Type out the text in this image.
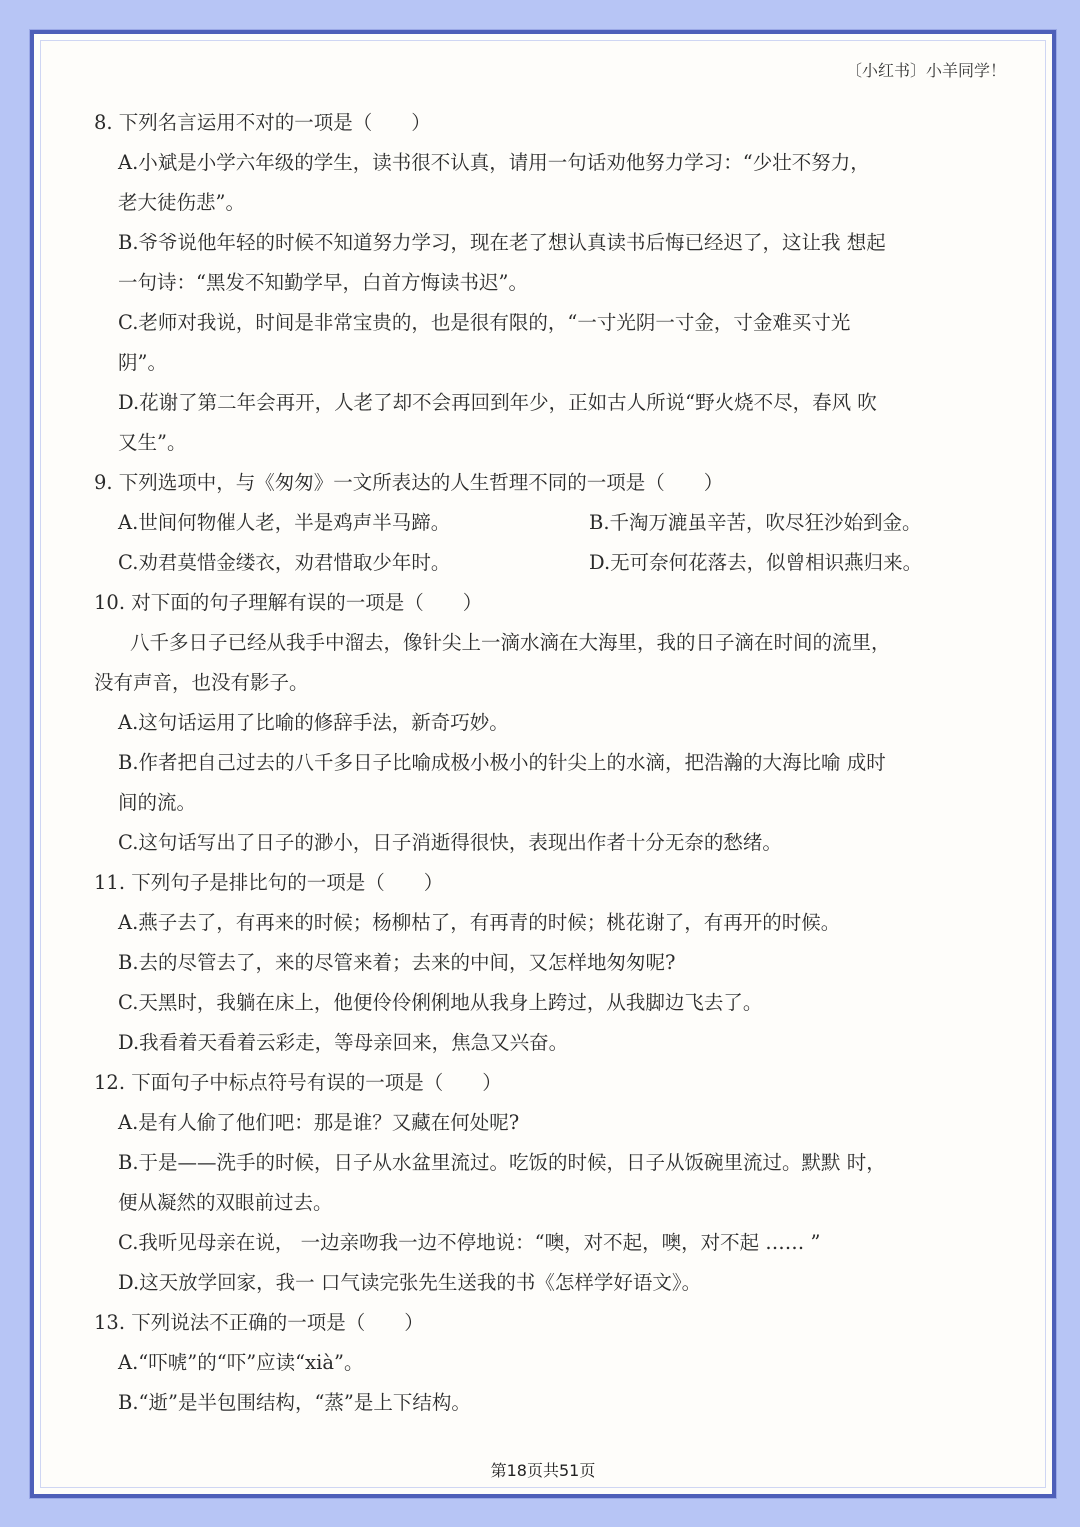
〔小红书〕小羊同学！
8. 下列名言运用不对的一项是（　　）
A.小斌是小学六年级的学生，读书很不认真，请用一句话劝他努力学习：“少壮不努力，
老大徒伤悲”。
B.爷爷说他年轻的时候不知道努力学习，现在老了想认真读书后悔已经迟了，这让我 想起
一句诗：“黑发不知勤学早，白首方悔读书迟”。
C.老师对我说，时间是非常宝贵的，也是很有限的，“一寸光阴一寸金，寸金难买寸光
阴”。
D.花谢了第二年会再开，人老了却不会再回到年少，正如古人所说“野火烧不尽，春风 吹
又生”。
9. 下列选项中，与《匆匆》一文所表达的人生哲理不同的一项是（　　）
A.世间何物催人老，半是鸡声半马蹄。	B.千淘万漉虽辛苦，吹尽狂沙始到金。
C.劝君莫惜金缕衣，劝君惜取少年时。	D.无可奈何花落去，似曾相识燕归来。
10. 对下面的句子理解有误的一项是（　　）
八千多日子已经从我手中溜去，像针尖上一滴水滴在大海里，我的日子滴在时间的流里，
没有声音，也没有影子。
A.这句话运用了比喻的修辞手法，新奇巧妙。
B.作者把自己过去的八千多日子比喻成极小极小的针尖上的水滴，把浩瀚的大海比喻 成时
间的流。
C.这句话写出了日子的渺小，日子消逝得很快，表现出作者十分无奈的愁绪。
11. 下列句子是排比句的一项是（　　）
A.燕子去了，有再来的时候；杨柳枯了，有再青的时候；桃花谢了，有再开的时候。
B.去的尽管去了，来的尽管来着；去来的中间，又怎样地匆匆呢?
C.天黑时，我躺在床上，他便伶伶俐俐地从我身上跨过，从我脚边飞去了。
D.我看着天看着云彩走，等母亲回来，焦急又兴奋。
12. 下面句子中标点符号有误的一项是（　　）
A.是有人偷了他们吧：那是谁？又藏在何处呢?
B.于是——洗手的时候，日子从水盆里流过。吃饭的时候，日子从饭碗里流过。默默 时，
便从凝然的双眼前过去。
C.我听见母亲在说， 一边亲吻我一边不停地说：“噢，对不起，噢，对不起 …… ”
D.这天放学回家，我一 口气读完张先生送我的书《怎样学好语文》。
13. 下列说法不正确的一项是（　　）
A.“吓唬”的“吓”应读“xià”。
B.“逝”是半包围结构，“蒸”是上下结构。
第18页共51页
